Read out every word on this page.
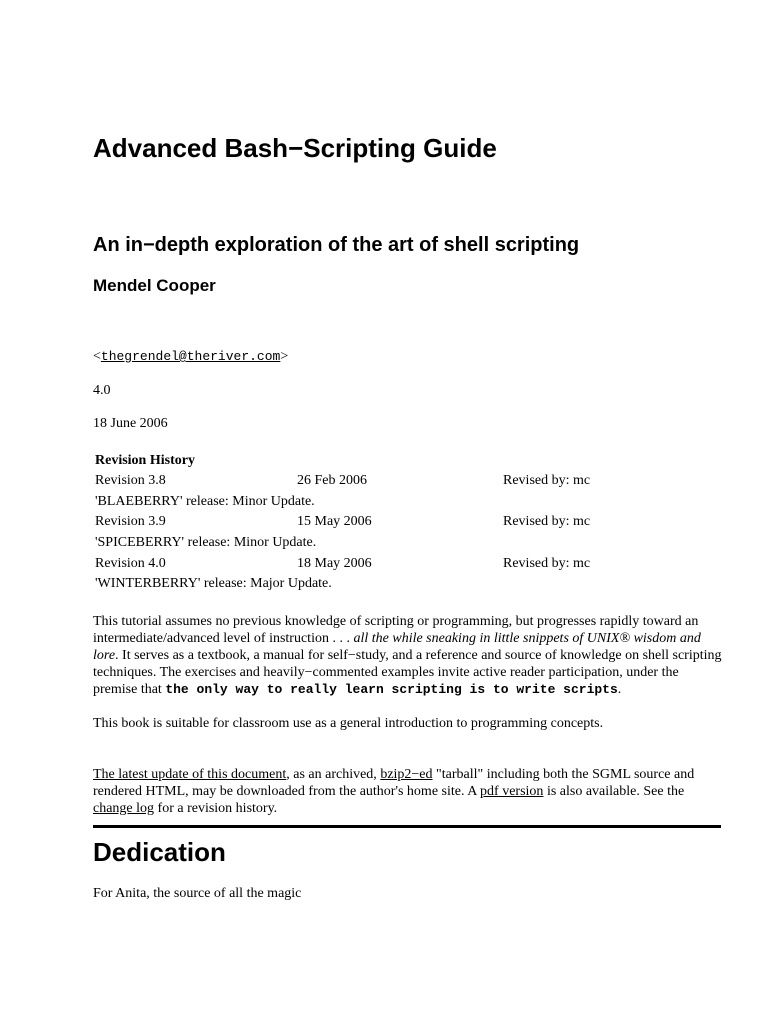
Advanced Bash−Scripting Guide
An in−depth exploration of the art of shell scripting
Mendel Cooper
<thegrendel@theriver.com>
4.0
18 June 2006
Revision History
Revision 3.8	26 Feb 2006	Revised by: mc
'BLAEBERRY' release: Minor Update.
Revision 3.9	15 May 2006	Revised by: mc
'SPICEBERRY' release: Minor Update.
Revision 4.0	18 May 2006	Revised by: mc
'WINTERBERRY' release: Major Update.

This tutorial assumes no previous knowledge of scripting or programming, but progresses rapidly toward an intermediate/advanced level of instruction . . . all the while sneaking in little snippets of UNIX® wisdom and lore. It serves as a textbook, a manual for self−study, and a reference and source of knowledge on shell scripting techniques. The exercises and heavily−commented examples invite active reader participation, under the premise that the only way to really learn scripting is to write scripts.

This book is suitable for classroom use as a general introduction to programming concepts.

The latest update of this document, as an archived, bzip2−ed "tarball" including both the SGML source and rendered HTML, may be downloaded from the author's home site. A pdf version is also available. See the change log for a revision history.

Dedication

For Anita, the source of all the magic
